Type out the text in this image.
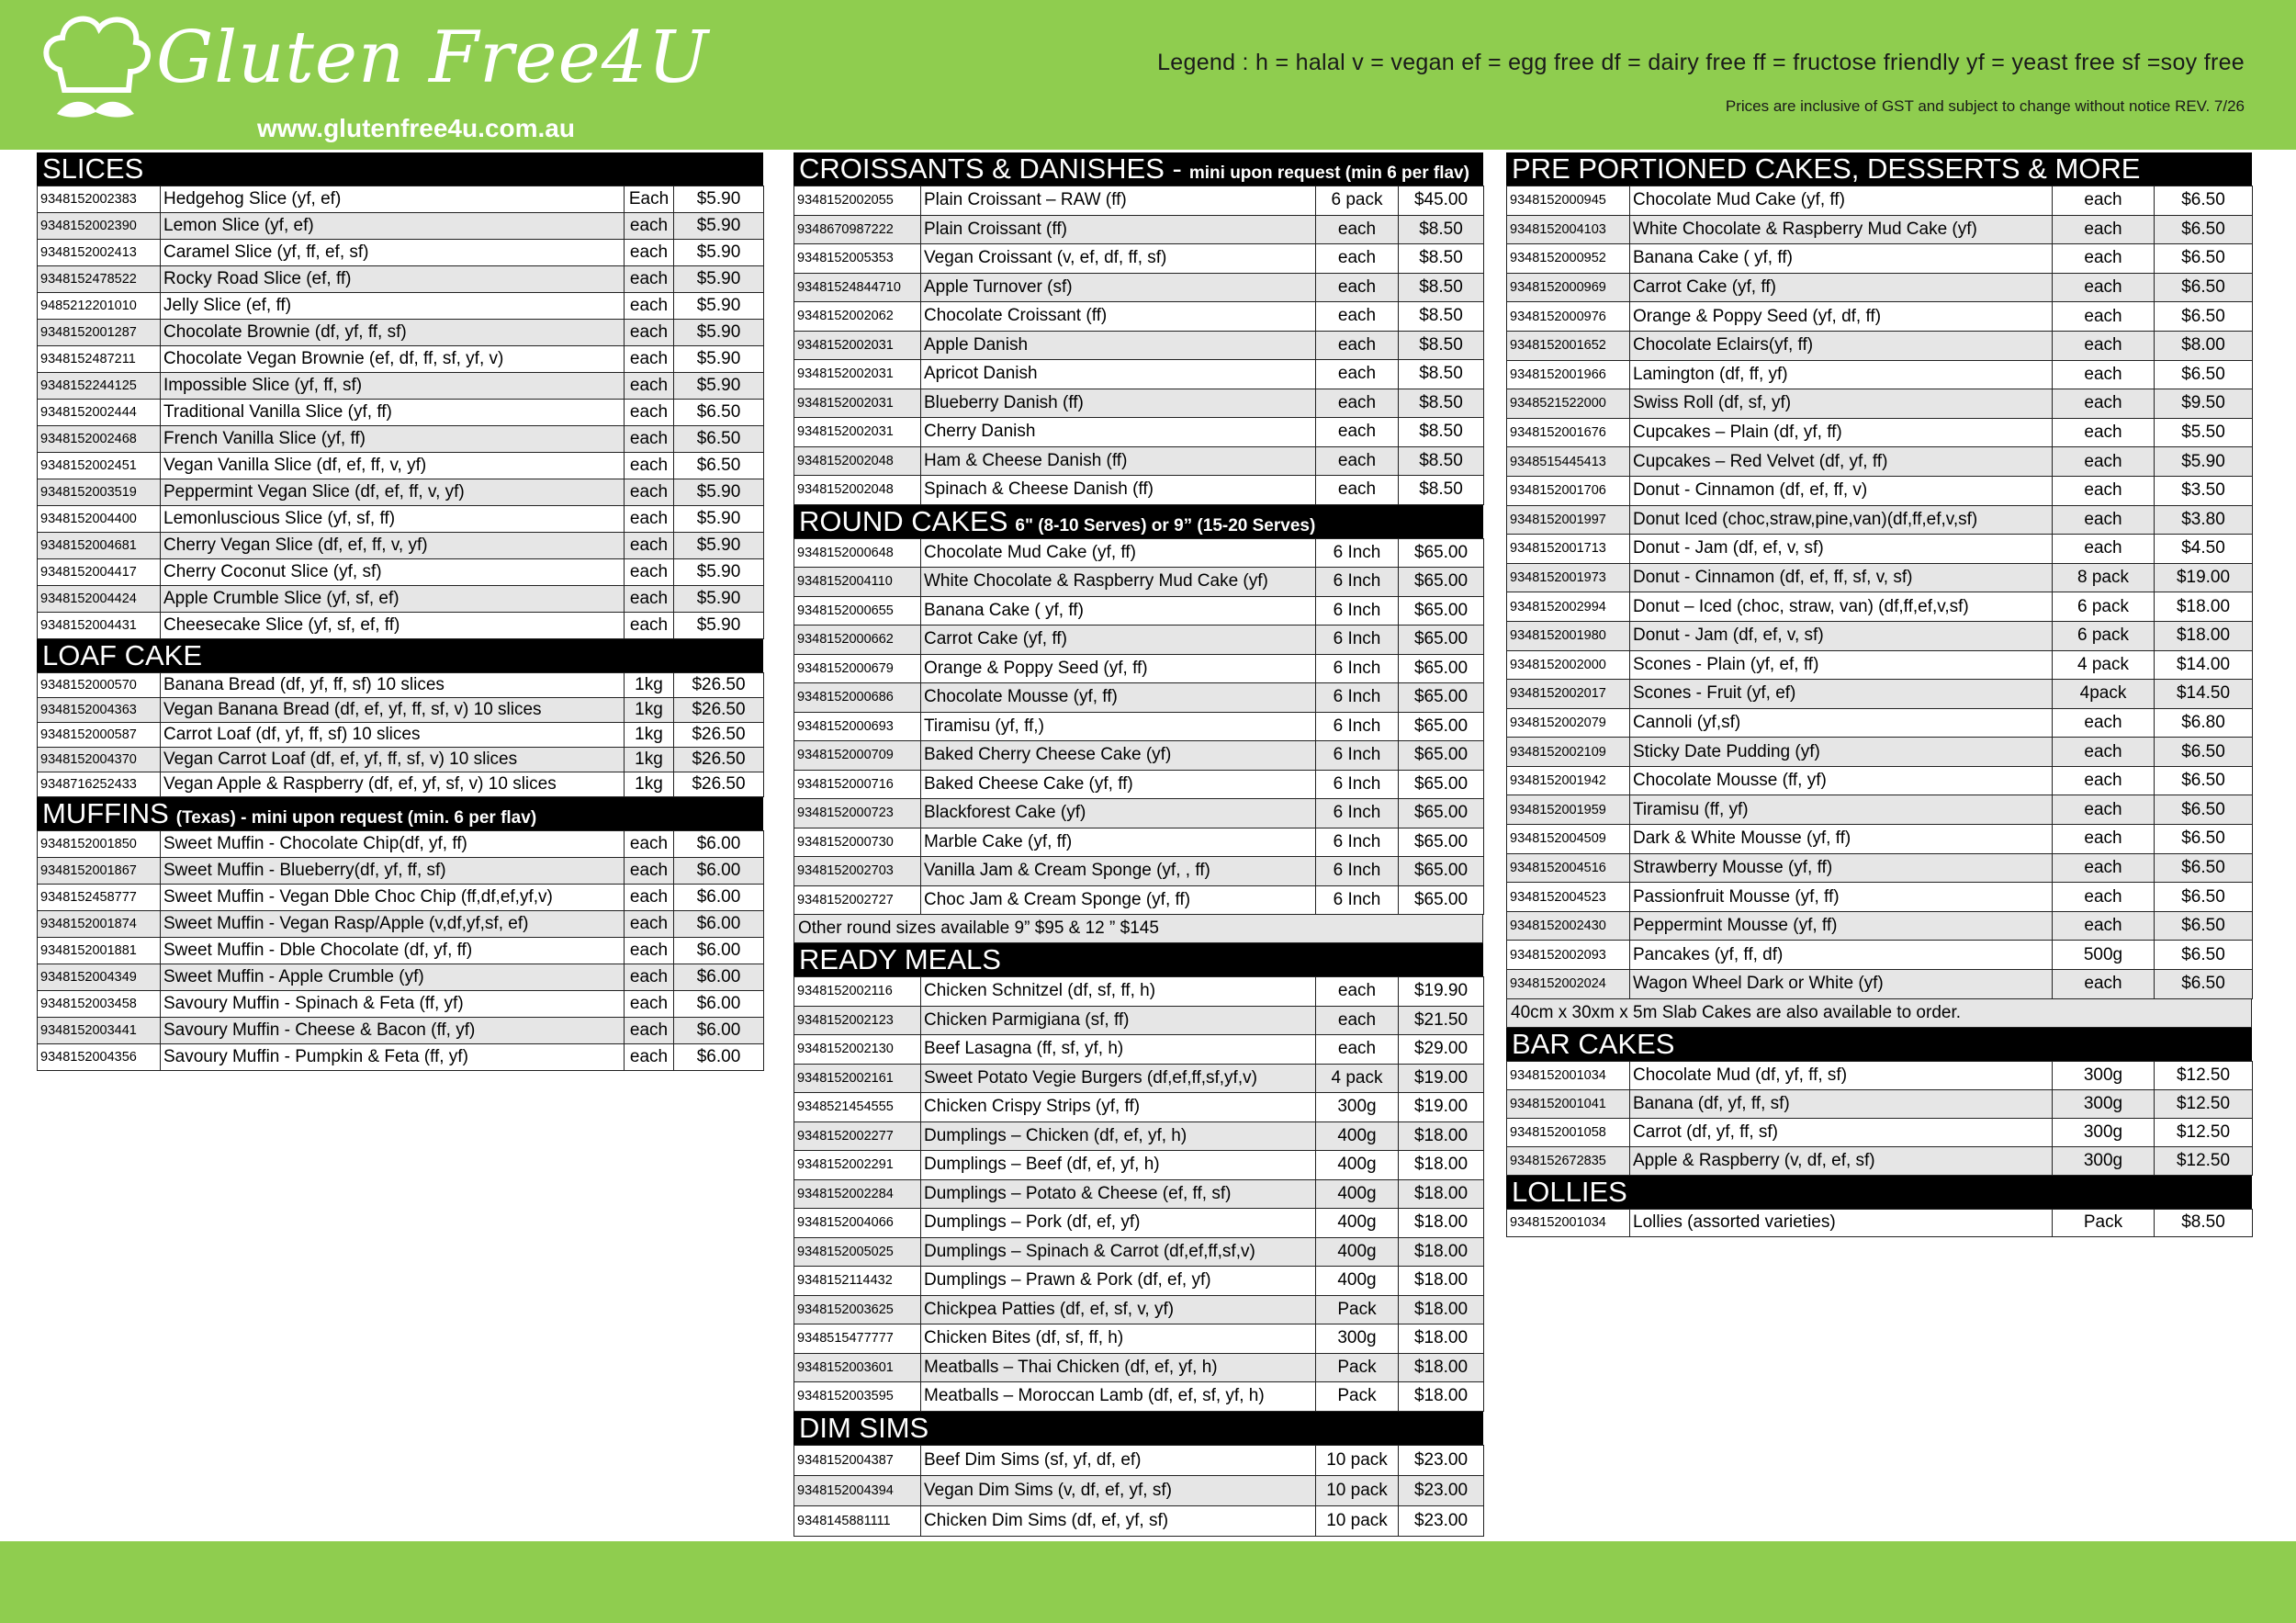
Gluten Free4U
www.glutenfree4u.com.au
Legend : h = halal v = vegan ef = egg free df = dairy free ff = fructose friendly yf = yeast free sf =soy free
Prices are inclusive of GST and subject to change without notice REV. 7/26
SLICES
9348152002383	Hedgehog Slice (yf, ef)	Each	$5.90
9348152002390	Lemon Slice (yf, ef)	each	$5.90
9348152002413	Caramel Slice (yf, ff, ef, sf)	each	$5.90
9348152478522	Rocky Road Slice (ef, ff)	each	$5.90
9485212201010	Jelly Slice (ef, ff)	each	$5.90
9348152001287	Chocolate Brownie (df, yf, ff, sf)	each	$5.90
9348152487211	Chocolate Vegan Brownie (ef, df, ff, sf, yf, v)	each	$5.90
9348152244125	Impossible Slice (yf, ff, sf)	each	$5.90
9348152002444	Traditional Vanilla Slice (yf, ff)	each	$6.50
9348152002468	French Vanilla Slice (yf, ff)	each	$6.50
9348152002451	Vegan Vanilla Slice (df, ef, ff, v, yf)	each	$6.50
9348152003519	Peppermint Vegan Slice (df, ef, ff, v, yf)	each	$5.90
9348152004400	Lemonluscious Slice (yf, sf, ff)	each	$5.90
9348152004681	Cherry Vegan Slice (df, ef, ff, v, yf)	each	$5.90
9348152004417	Cherry Coconut Slice (yf, sf)	each	$5.90
9348152004424	Apple Crumble Slice (yf, sf, ef)	each	$5.90
9348152004431	Cheesecake Slice (yf, sf, ef, ff)	each	$5.90
LOAF CAKE
9348152000570	Banana Bread (df, yf, ff, sf) 10 slices	1kg	$26.50
9348152004363	Vegan Banana Bread (df, ef, yf, ff, sf, v) 10 slices	1kg	$26.50
9348152000587	Carrot Loaf (df, yf, ff, sf) 10 slices	1kg	$26.50
9348152004370	Vegan Carrot Loaf (df, ef, yf, ff, sf, v) 10 slices	1kg	$26.50
9348716252433	Vegan Apple & Raspberry (df, ef, yf, sf, v) 10 slices	1kg	$26.50
MUFFINS (Texas) - mini upon request (min. 6 per flav)
9348152001850	Sweet Muffin - Chocolate Chip(df, yf, ff)	each	$6.00
9348152001867	Sweet Muffin - Blueberry(df, yf, ff, sf)	each	$6.00
9348152458777	Sweet Muffin - Vegan Dble Choc Chip (ff,df,ef,yf,v)	each	$6.00
9348152001874	Sweet Muffin - Vegan Rasp/Apple (v,df,yf,sf, ef)	each	$6.00
9348152001881	Sweet Muffin - Dble Chocolate (df, yf, ff)	each	$6.00
9348152004349	Sweet Muffin - Apple Crumble (yf)	each	$6.00
9348152003458	Savoury Muffin - Spinach & Feta (ff, yf)	each	$6.00
9348152003441	Savoury Muffin - Cheese & Bacon (ff, yf)	each	$6.00
9348152004356	Savoury Muffin - Pumpkin & Feta (ff, yf)	each	$6.00
CROISSANTS & DANISHES - mini upon request (min 6 per flav)
9348152002055	Plain Croissant – RAW (ff)	6 pack	$45.00
9348670987222	Plain Croissant (ff)	each	$8.50
9348152005353	Vegan Croissant (v, ef, df, ff, sf)	each	$8.50
93481524844710	Apple Turnover (sf)	each	$8.50
9348152002062	Chocolate Croissant (ff)	each	$8.50
9348152002031	Apple Danish	each	$8.50
9348152002031	Apricot Danish	each	$8.50
9348152002031	Blueberry Danish (ff)	each	$8.50
9348152002031	Cherry Danish	each	$8.50
9348152002048	Ham & Cheese Danish (ff)	each	$8.50
9348152002048	Spinach & Cheese Danish (ff)	each	$8.50
ROUND CAKES 6" (8-10 Serves) or 9” (15-20 Serves)
9348152000648	Chocolate Mud Cake (yf, ff)	6 Inch	$65.00
9348152004110	White Chocolate & Raspberry Mud Cake (yf)	6 Inch	$65.00
9348152000655	Banana Cake ( yf, ff)	6 Inch	$65.00
9348152000662	Carrot Cake (yf, ff)	6 Inch	$65.00
9348152000679	Orange & Poppy Seed (yf, ff)	6 Inch	$65.00
9348152000686	Chocolate Mousse (yf, ff)	6 Inch	$65.00
9348152000693	Tiramisu (yf, ff,)	6 Inch	$65.00
9348152000709	Baked Cherry Cheese Cake (yf)	6 Inch	$65.00
9348152000716	Baked Cheese Cake (yf, ff)	6 Inch	$65.00
9348152000723	Blackforest Cake (yf)	6 Inch	$65.00
9348152000730	Marble Cake (yf, ff)	6 Inch	$65.00
9348152002703	Vanilla Jam & Cream Sponge (yf, , ff)	6 Inch	$65.00
9348152002727	Choc Jam & Cream Sponge (yf, ff)	6 Inch	$65.00
Other round sizes available 9” $95 & 12 ” $145
READY MEALS
9348152002116	Chicken Schnitzel (df, sf, ff, h)	each	$19.90
9348152002123	Chicken Parmigiana (sf, ff)	each	$21.50
9348152002130	Beef Lasagna (ff, sf, yf, h)	each	$29.00
9348152002161	Sweet Potato Vegie Burgers (df,ef,ff,sf,yf,v)	4 pack	$19.00
9348521454555	Chicken Crispy Strips (yf, ff)	300g	$19.00
9348152002277	Dumplings – Chicken (df, ef, yf, h)	400g	$18.00
9348152002291	Dumplings – Beef (df, ef, yf, h)	400g	$18.00
9348152002284	Dumplings – Potato & Cheese (ef, ff, sf)	400g	$18.00
9348152004066	Dumplings – Pork (df, ef, yf)	400g	$18.00
9348152005025	Dumplings – Spinach & Carrot (df,ef,ff,sf,v)	400g	$18.00
9348152114432	Dumplings – Prawn & Pork (df, ef, yf)	400g	$18.00
9348152003625	Chickpea Patties (df, ef, sf, v, yf)	Pack	$18.00
9348515477777	Chicken Bites (df, sf, ff, h)	300g	$18.00
9348152003601	Meatballs – Thai Chicken (df, ef, yf, h)	Pack	$18.00
9348152003595	Meatballs – Moroccan Lamb (df, ef, sf, yf, h)	Pack	$18.00
DIM SIMS
9348152004387	Beef Dim Sims (sf, yf, df, ef)	10 pack	$23.00
9348152004394	Vegan Dim Sims (v, df, ef, yf, sf)	10 pack	$23.00
9348145881111	Chicken Dim Sims (df, ef, yf, sf)	10 pack	$23.00
PRE PORTIONED CAKES, DESSERTS & MORE
9348152000945	Chocolate Mud Cake (yf, ff)	each	$6.50
9348152004103	White Chocolate & Raspberry Mud Cake (yf)	each	$6.50
9348152000952	Banana Cake ( yf, ff)	each	$6.50
9348152000969	Carrot Cake (yf, ff)	each	$6.50
9348152000976	Orange & Poppy Seed (yf, df, ff)	each	$6.50
9348152001652	Chocolate Eclairs(yf, ff)	each	$8.00
9348152001966	Lamington (df, ff, yf)	each	$6.50
9348521522000	Swiss Roll (df, sf, yf)	each	$9.50
9348152001676	Cupcakes – Plain (df, yf, ff)	each	$5.50
9348515445413	Cupcakes – Red Velvet (df, yf, ff)	each	$5.90
9348152001706	Donut - Cinnamon (df, ef, ff, v)	each	$3.50
9348152001997	Donut Iced (choc,straw,pine,van)(df,ff,ef,v,sf)	each	$3.80
9348152001713	Donut - Jam (df, ef, v, sf)	each	$4.50
9348152001973	Donut - Cinnamon (df, ef, ff, sf, v, sf)	8 pack	$19.00
9348152002994	Donut – Iced (choc, straw, van) (df,ff,ef,v,sf)	6 pack	$18.00
9348152001980	Donut - Jam (df, ef, v, sf)	6 pack	$18.00
9348152002000	Scones - Plain (yf, ef, ff)	4 pack	$14.00
9348152002017	Scones - Fruit (yf, ef)	4pack	$14.50
9348152002079	Cannoli (yf,sf)	each	$6.80
9348152002109	Sticky Date Pudding (yf)	each	$6.50
9348152001942	Chocolate Mousse (ff, yf)	each	$6.50
9348152001959	Tiramisu (ff, yf)	each	$6.50
9348152004509	Dark & White Mousse (yf, ff)	each	$6.50
9348152004516	Strawberry Mousse (yf, ff)	each	$6.50
9348152004523	Passionfruit Mousse (yf, ff)	each	$6.50
9348152002430	Peppermint Mousse (yf, ff)	each	$6.50
9348152002093	Pancakes (yf, ff, df)	500g	$6.50
9348152002024	Wagon Wheel Dark or White (yf)	each	$6.50
40cm x 30xm x 5m Slab Cakes are also available to order.
BAR CAKES
9348152001034	Chocolate Mud (df, yf, ff, sf)	300g	$12.50
9348152001041	Banana (df, yf, ff, sf)	300g	$12.50
9348152001058	Carrot (df, yf, ff, sf)	300g	$12.50
9348152672835	Apple & Raspberry (v, df, ef, sf)	300g	$12.50
LOLLIES
9348152001034	Lollies (assorted varieties)	Pack	$8.50
